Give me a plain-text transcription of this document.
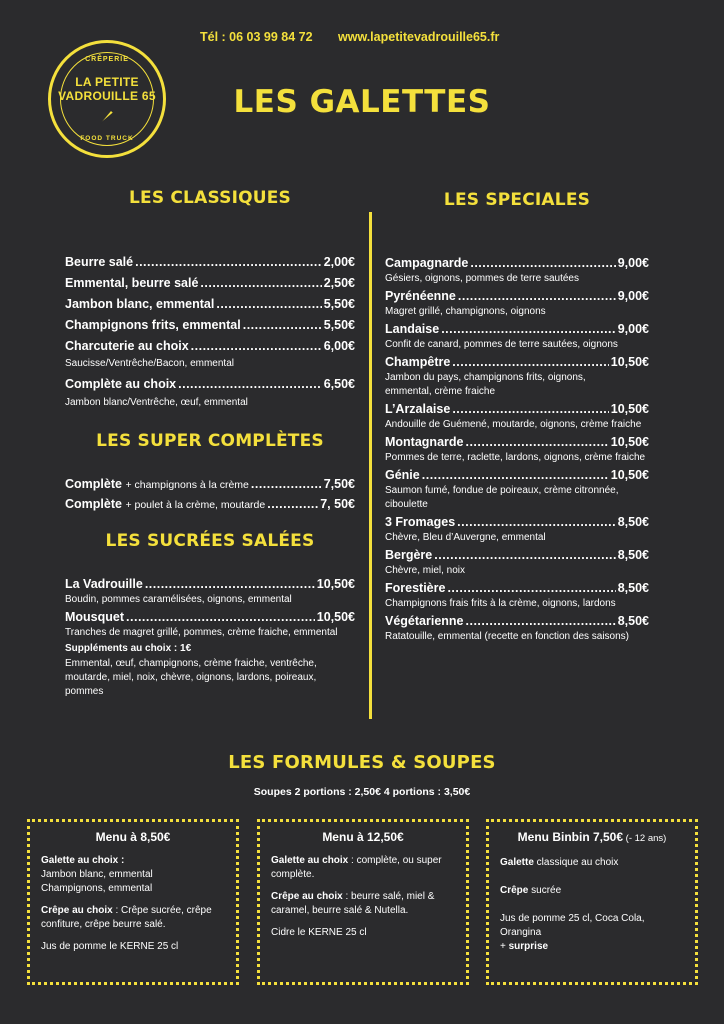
Tél : 06 03 99 84 72 www.lapetitevadrouille65.fr
CRÊPERIE
LA PETITE
VADROUILLE 65
FOOD TRUCK
LES GALETTES
LES CLASSIQUES
Beurre salé .....	2,00€
Emmental, beurre salé .....	2,50€
Jambon blanc, emmental .....	5,50€
Champignons frits, emmental .....	5,50€
Charcuterie au choix .....	6,00€
Saucisse/Ventrêche/Bacon, emmental
Complète au choix .....	6,50€
Jambon blanc/Ventrêche, œuf, emmental
LES SUPER COMPLÈTES
Complète
+ champignons à la crème .....	7,50€
Complète
+ poulet à la crème, moutarde .....	7, 50€
LES SUCRÉES SALÉES
La Vadrouille .....	10,50€
Boudin, pommes caramélisées, oignons, emmental
Mousquet .....	10,50€
Tranches de magret grillé, pommes, crème fraiche, emmental
Suppléments au choix : 1€
Emmental, œuf, champignons, crème fraiche, ventrêche, moutarde, miel, noix, chèvre, oignons, lardons, poireaux, pommes
LES SPECIALES
Campagnarde .....	9,00€
Gésiers, oignons, pommes de terre sautées
Pyrénéenne .....	9,00€
Magret grillé, champignons, oignons
Landaise .....	9,00€
Confit de canard, pommes de terre sautées, oignons
Champêtre .....	10,50€
Jambon du pays, champignons frits, oignons, emmental, crème fraiche
L’Arzalaise .....	10,50€
Andouille de Guémené, moutarde, oignons, crème fraiche
Montagnarde .....	10,50€
Pommes de terre, raclette, lardons, oignons, crème fraiche
Génie .....	10,50€
Saumon fumé, fondue de poireaux, crème citronnée, ciboulette
3 Fromages .....	8,50€
Chèvre, Bleu d’Auvergne, emmental
Bergère .....	8,50€
Chèvre, miel, noix
Forestière .....	8,50€
Champignons frais frits à la crème, oignons, lardons
Végétarienne .....	8,50€
Ratatouille, emmental (recette en fonction des saisons)
LES FORMULES & SOUPES
Soupes 2 portions : 2,50€ 4 portions : 3,50€
Menu à 8,50€

Galette au choix :
Jambon blanc, emmental
Champignons, emmental

Crêpe au choix : Crêpe sucrée, crêpe confiture, crêpe beurre salé.

Jus de pomme le KERNE 25 cl

Menu à 12,50€

Galette au choix : complète, ou super complète.

Crêpe au choix : beurre salé, miel & caramel, beurre salé & Nutella.

Cidre le KERNE 25 cl

Menu Binbin 7,50€ (- 12 ans)

Galette classique au choix

Crêpe sucrée

Jus de pomme 25 cl, Coca Cola, Orangina
+ surprise
